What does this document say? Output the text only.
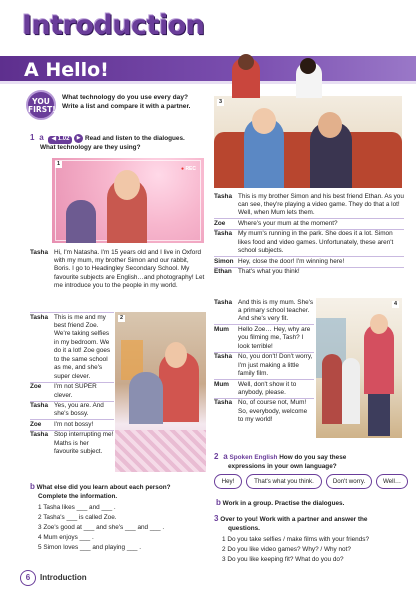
Introduction
A Hello!
YOU FIRST!
What technology do you use every day?
Write a list and compare it with a partner.
1 a ◀ 1.02 ▶ Read and listen to the dialogues.
What technology are they using?
1
● REC
Tasha	Hi, I'm Natasha. I'm 15 years old and I live in Oxford with my mum, my brother Simon and our rabbit, Boris. I go to Headingley Secondary School. My favourite subjects are English…and photography! Let me introduce you to the people in my world.
Tasha	This is me and my best friend Zoe. We're taking selfies in my bedroom. We do it a lot! Zoe goes to the same school as me, and she's super clever.
Zoe	I'm not SUPER clever.
Tasha	Yes, you are. And she's bossy.
Zoe	I'm not bossy!
Tasha	Stop interrupting me! Maths is her favourite subject.
2
b What else did you learn about each person?
Complete the information.
1 Tasha likes ___ and ___ .
2 Tasha's ___ is called Zoe.
3 Zoe's good at ___ and she's ___ and ___ .
4 Mum enjoys ___ .
5 Simon loves ___ and playing ___ .
3
Tasha	This is my brother Simon and his best friend Ethan. As you can see, they're playing a video game. They do that a lot! Well, when Mum lets them.
Zoe	Where's your mum at the moment?
Tasha	My mum's running in the park. She does it a lot. Simon likes food and video games. Unfortunately, these aren't school subjects.
Simon	Hey, close the door! I'm winning here!
Ethan	That's what you think!
Tasha	And this is my mum. She's a primary school teacher. And she's very fit.
Mum	Hello Zoe… Hey, why are you filming me, Tash? I look terrible!
Tasha	No, you don't! Don't worry, I'm just making a little family film.
Mum	Well, don't show it to anybody, please.
Tasha	No, of course not, Mum! So, everybody, welcome to my world!
4
2 a Spoken English How do you say these
expressions in your own language?
Hey!	That's what you think.	Don't worry.	Well…
b Work in a group. Practise the dialogues.
3 Over to you! Work with a partner and answer the
questions.
1 Do you take selfies / make films with your friends?
2 Do you like video games? Why? / Why not?
3 Do you like keeping fit? What do you do?
6	Introduction
